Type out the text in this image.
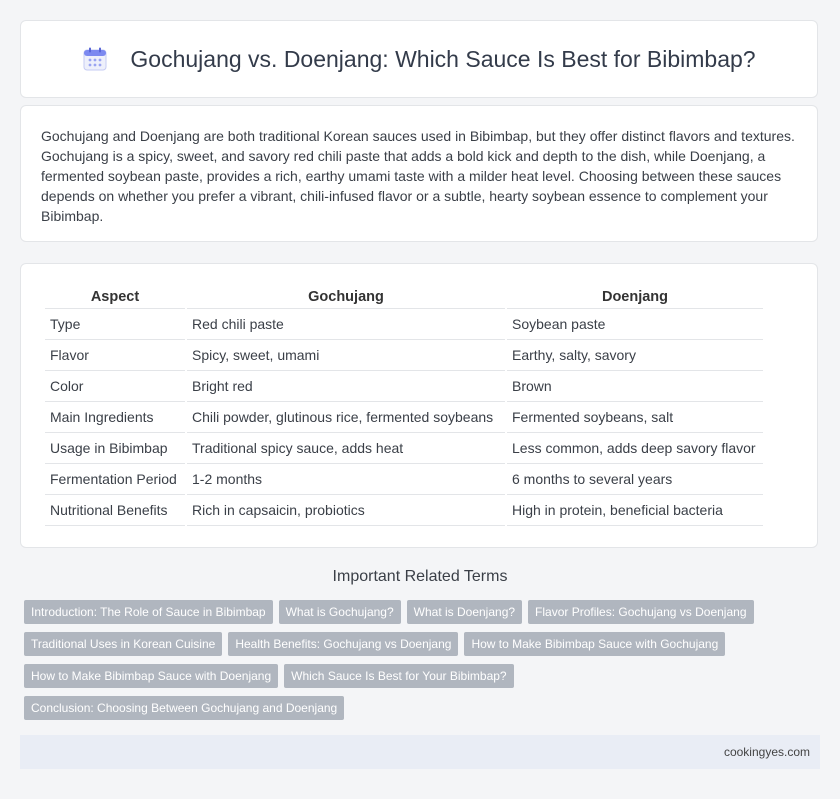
Gochujang vs. Doenjang: Which Sauce Is Best for Bibimbap?

Gochujang and Doenjang are both traditional Korean sauces used in Bibimbap, but they offer distinct flavors and textures. Gochujang is a spicy, sweet, and savory red chili paste that adds a bold kick and depth to the dish, while Doenjang, a fermented soybean paste, provides a rich, earthy umami taste with a milder heat level. Choosing between these sauces depends on whether you prefer a vibrant, chili-infused flavor or a subtle, hearty soybean essence to complement your Bibimbap.

Aspect	Gochujang	Doenjang
Type	Red chili paste	Soybean paste
Flavor	Spicy, sweet, umami	Earthy, salty, savory
Color	Bright red	Brown
Main Ingredients	Chili powder, glutinous rice, fermented soybeans	Fermented soybeans, salt
Usage in Bibimbap	Traditional spicy sauce, adds heat	Less common, adds deep savory flavor
Fermentation Period	1-2 months	6 months to several years
Nutritional Benefits	Rich in capsaicin, probiotics	High in protein, beneficial bacteria
Important Related Terms
Introduction: The Role of Sauce in Bibimbap	What is Gochujang?	What is Doenjang?	Flavor Profiles: Gochujang vs Doenjang
Traditional Uses in Korean Cuisine	Health Benefits: Gochujang vs Doenjang	How to Make Bibimbap Sauce with Gochujang
How to Make Bibimbap Sauce with Doenjang	Which Sauce Is Best for Your Bibimbap?
Conclusion: Choosing Between Gochujang and Doenjang
cookingyes.com
